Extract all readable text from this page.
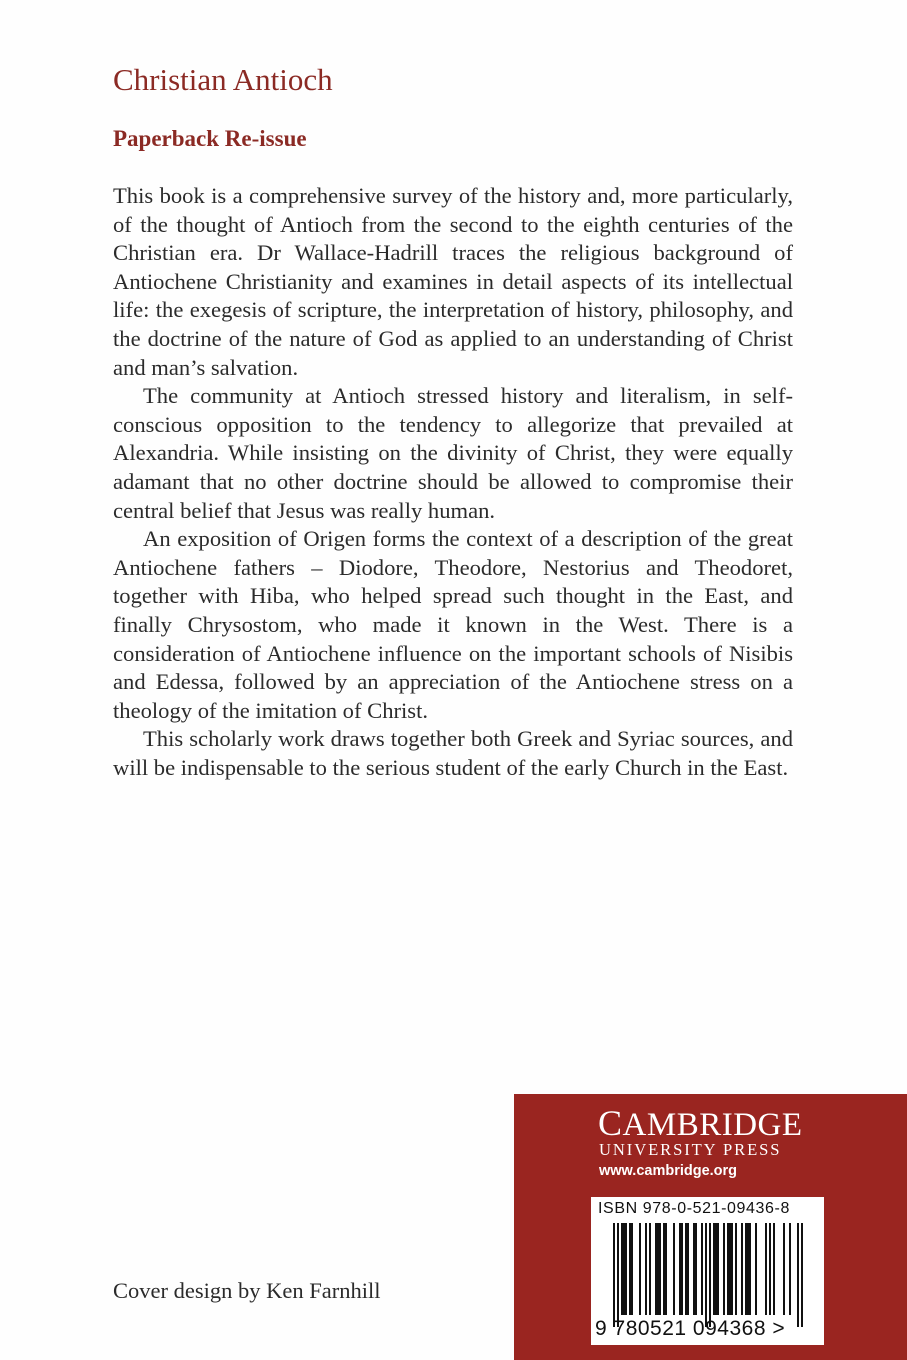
Christian Antioch
Paperback Re-issue

This book is a comprehensive survey of the history and, more particularly, of the thought of Antioch from the second to the eighth centuries of the Christian era. Dr Wallace-Hadrill traces the religious background of Antiochene Christianity and examines in detail aspects of its intellectual life: the exegesis of scripture, the interpretation of history, philosophy, and the doctrine of the nature of God as applied to an understanding of Christ and man’s salvation.

The community at Antioch stressed history and literalism, in self-conscious opposition to the tendency to allegorize that prevailed at Alexandria. While insisting on the divinity of Christ, they were equally adamant that no other doctrine should be allowed to compromise their central belief that Jesus was really human.

An exposition of Origen forms the context of a description of the great Antiochene fathers – Diodore, Theodore, Nestorius and Theodoret, together with Hiba, who helped spread such thought in the East, and finally Chrysostom, who made it known in the West. There is a consideration of Antiochene influence on the important schools of Nisibis and Edessa, followed by an appreciation of the Antiochene stress on a theology of the imitation of Christ.

This scholarly work draws together both Greek and Syriac sources, and will be indispensable to the serious student of the early Church in the East.

Cover design by Ken Farnhill
CAMBRIDGE
UNIVERSITY PRESS
www.cambridge.org
ISBN 978-0-521-09436-8
9 780521 094368 >
